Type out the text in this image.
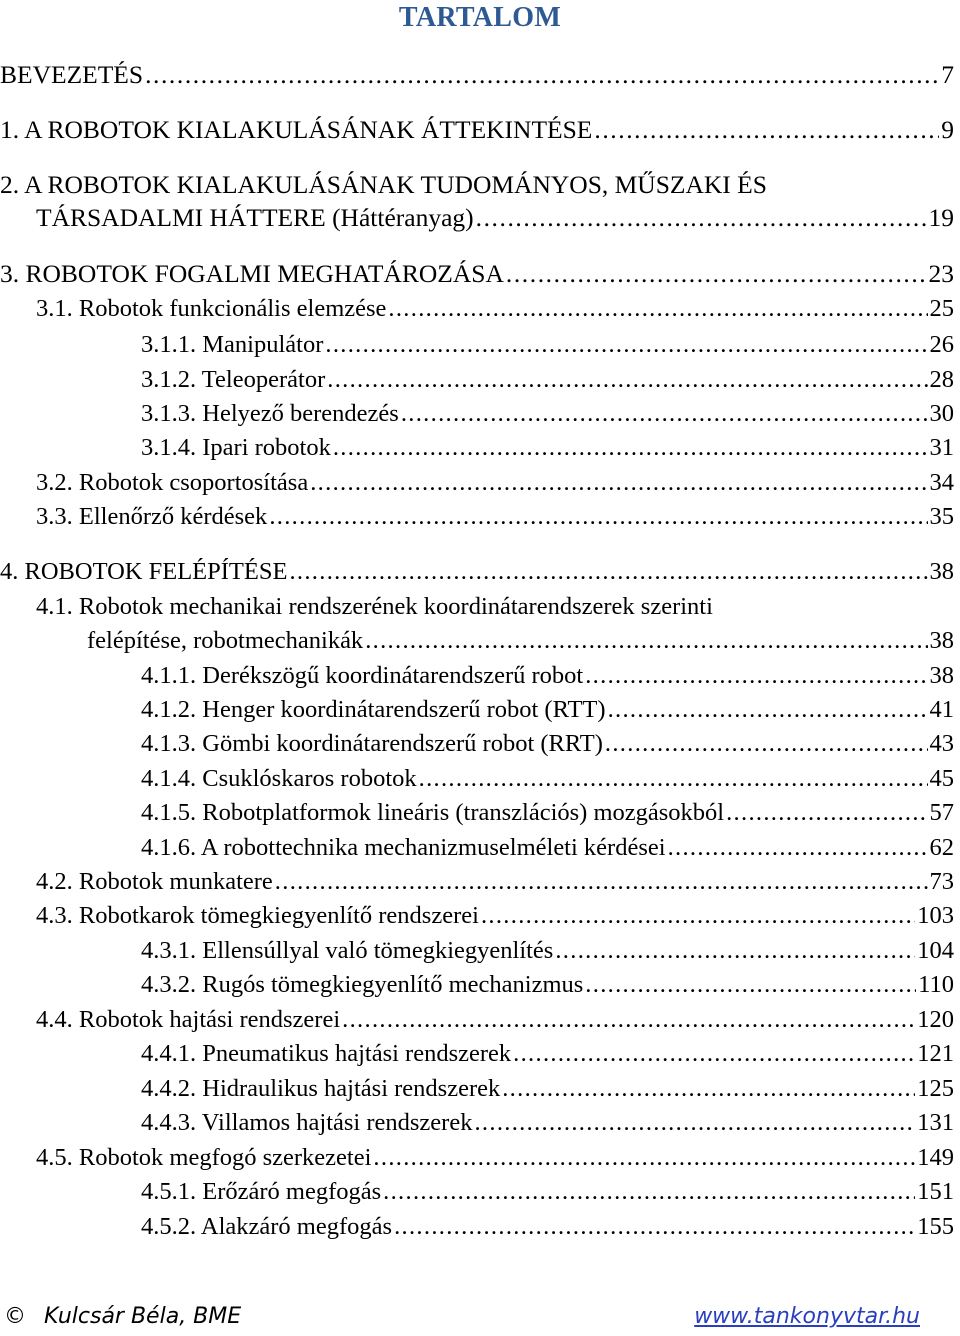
TARTALOM
BEVEZETÉS . . .	7
1. A ROBOTOK KIALAKULÁSÁNAK ÁTTEKINTÉSE . . .	9
2. A ROBOTOK KIALAKULÁSÁNAK TUDOMÁNYOS, MŰSZAKI ÉS
TÁRSADALMI HÁTTERE (Háttéranyag) . . .	19
3. ROBOTOK FOGALMI MEGHATÁROZÁSA . . .	23
3.1. Robotok funkcionális elemzése . . .	25
3.1.1. Manipulátor . . .	26
3.1.2. Teleoperátor . . .	28
3.1.3. Helyező berendezés . . .	30
3.1.4. Ipari robotok . . .	31
3.2. Robotok csoportosítása . . .	34
3.3. Ellenőrző kérdések . . .	35
4. ROBOTOK FELÉPÍTÉSE . . .	38
4.1. Robotok mechanikai rendszerének koordinátarendszerek szerinti
felépítése, robotmechanikák . . .	38
4.1.1. Derékszögű koordinátarendszerű robot . . .	38
4.1.2. Henger koordinátarendszerű robot (RTT) . . .	41
4.1.3. Gömbi koordinátarendszerű robot (RRT) . . .	43
4.1.4. Csuklóskaros robotok . . .	45
4.1.5. Robotplatformok lineáris (transzlációs) mozgásokból . . .	57
4.1.6. A robottechnika mechanizmuselméleti kérdései . . .	62
4.2. Robotok munkatere . . .	73
4.3. Robotkarok tömegkiegyenlítő rendszerei . . .	103
4.3.1. Ellensúllyal való tömegkiegyenlítés . . .	104
4.3.2. Rugós tömegkiegyenlítő mechanizmus . . .	110
4.4. Robotok hajtási rendszerei . . .	120
4.4.1. Pneumatikus hajtási rendszerek . . .	121
4.4.2. Hidraulikus hajtási rendszerek . . .	125
4.4.3. Villamos hajtási rendszerek . . .	131
4.5. Robotok megfogó szerkezetei . . .	149
4.5.1. Erőzáró megfogás . . .	151
4.5.2. Alakzáró megfogás . . .	155
© Kulcsár Béla, BME	www.tankonyvtar.hu
